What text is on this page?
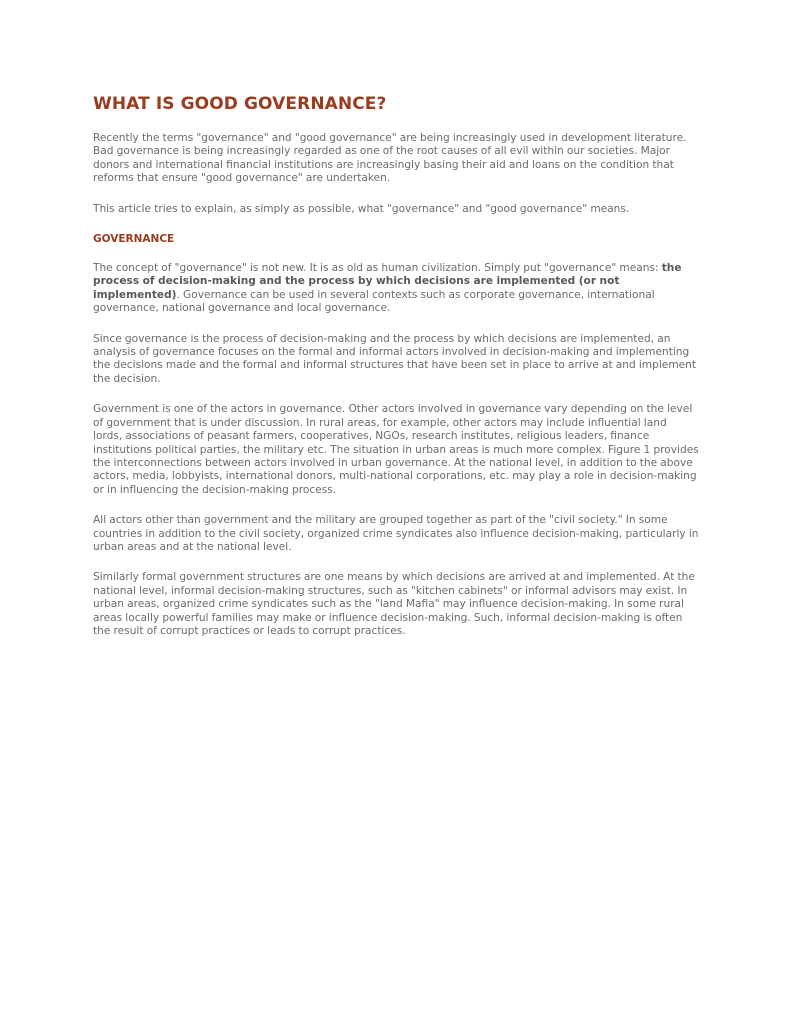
WHAT IS GOOD GOVERNANCE?

Recently the terms "governance" and "good governance" are being increasingly used in development literature. Bad governance is being increasingly regarded as one of the root causes of all evil within our societies. Major donors and international financial institutions are increasingly basing their aid and loans on the condition that reforms that ensure "good governance" are undertaken.

This article tries to explain, as simply as possible, what "governance" and "good governance" means.

GOVERNANCE

The concept of "governance" is not new. It is as old as human civilization. Simply put "governance" means: the process of decision-making and the process by which decisions are implemented (or not implemented). Governance can be used in several contexts such as corporate governance, international governance, national governance and local governance.

Since governance is the process of decision-making and the process by which decisions are implemented, an analysis of governance focuses on the formal and informal actors involved in decision-making and implementing the decisions made and the formal and informal structures that have been set in place to arrive at and implement the decision.

Government is one of the actors in governance. Other actors involved in governance vary depending on the level of government that is under discussion. In rural areas, for example, other actors may include influential land lords, associations of peasant farmers, cooperatives, NGOs, research institutes, religious leaders, finance institutions political parties, the military etc. The situation in urban areas is much more complex. Figure 1 provides the interconnections between actors involved in urban governance. At the national level, in addition to the above actors, media, lobbyists, international donors, multi-national corporations, etc. may play a role in decision-making or in influencing the decision-making process.

All actors other than government and the military are grouped together as part of the "civil society." In some countries in addition to the civil society, organized crime syndicates also influence decision-making, particularly in urban areas and at the national level.

Similarly formal government structures are one means by which decisions are arrived at and implemented. At the national level, informal decision-making structures, such as "kitchen cabinets" or informal advisors may exist. In urban areas, organized crime syndicates such as the "land Mafia" may influence decision-making. In some rural areas locally powerful families may make or influence decision-making. Such, informal decision-making is often the result of corrupt practices or leads to corrupt practices.
